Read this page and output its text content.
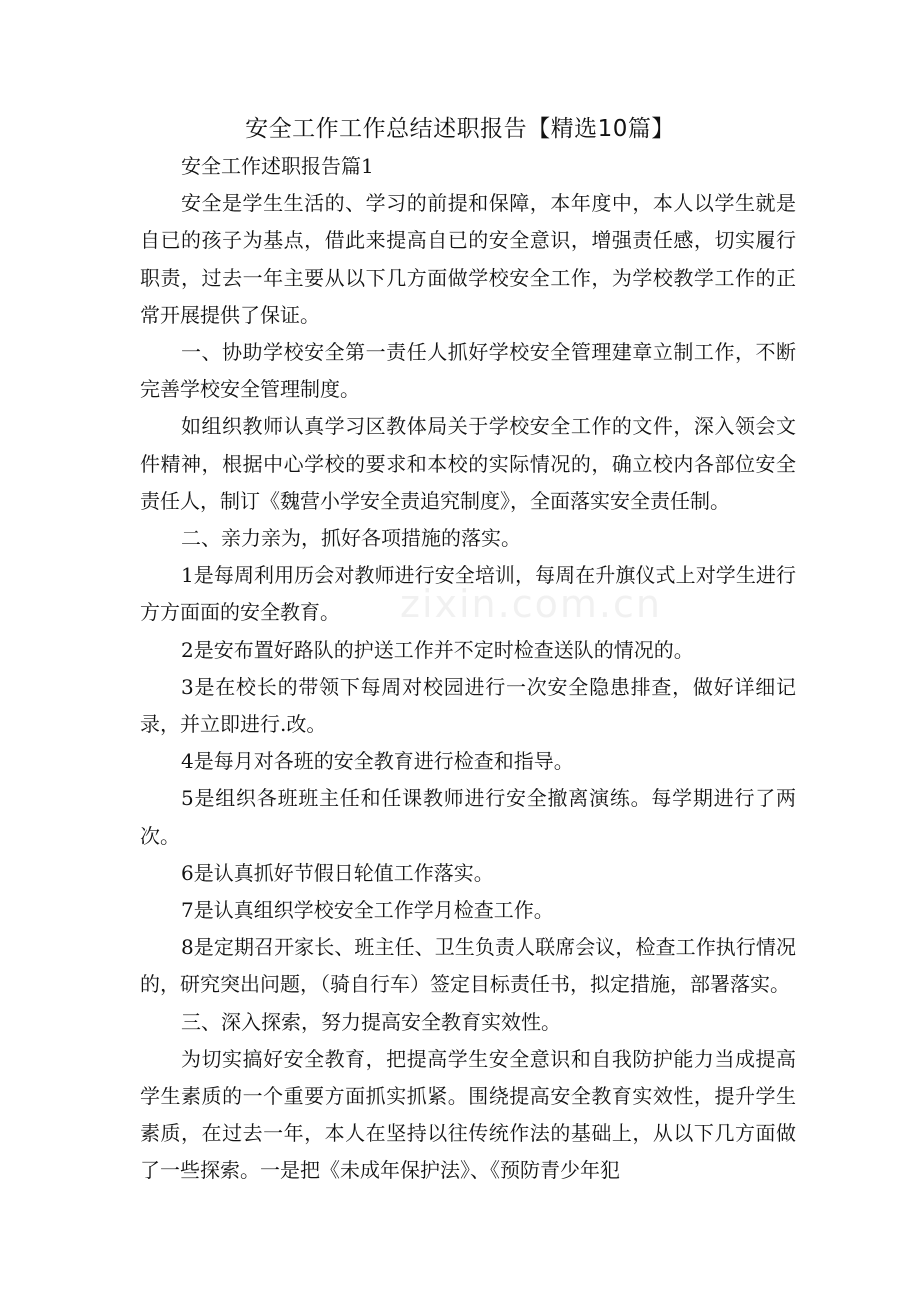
安全工作工作总结述职报告【精选10篇】

安全工作述职报告篇1

安全是学生生活的、学习的前提和保障，本年度中，本人以学生就是自已的孩子为基点，借此来提高自已的安全意识，增强责任感，切实履行职责，过去一年主要从以下几方面做学校安全工作，为学校教学工作的正常开展提供了保证。

一、协助学校安全第一责任人抓好学校安全管理建章立制工作，不断完善学校安全管理制度。

如组织教师认真学习区教体局关于学校安全工作的文件，深入领会文件精神，根据中心学校的要求和本校的实际情况的，确立校内各部位安全责任人，制订《魏营小学安全责追究制度》，全面落实安全责任制。

二、亲力亲为，抓好各项措施的落实。

1是每周利用历会对教师进行安全培训，每周在升旗仪式上对学生进行方方面面的安全教育。

2是安布置好路队的护送工作并不定时检查送队的情况的。

3是在校长的带领下每周对校园进行一次安全隐患排查，做好详细记录，并立即进行.改。

4是每月对各班的安全教育进行检查和指导。

5是组织各班班主任和任课教师进行安全撤离演练。每学期进行了两次。

6是认真抓好节假日轮值工作落实。

7是认真组织学校安全工作学月检查工作。

8是定期召开家长、班主任、卫生负责人联席会议，检查工作执行情况的，研究突出问题，（骑自行车）签定目标责任书，拟定措施，部署落实。

三、深入探索，努力提高安全教育实效性。

为切实搞好安全教育，把提高学生安全意识和自我防护能力当成提高学生素质的一个重要方面抓实抓紧。围绕提高安全教育实效性，提升学生素质，在过去一年，本人在坚持以往传统作法的基础上，从以下几方面做了一些探索。一是把《未成年保护法》、《预防青少年犯

zixin.com.cn
